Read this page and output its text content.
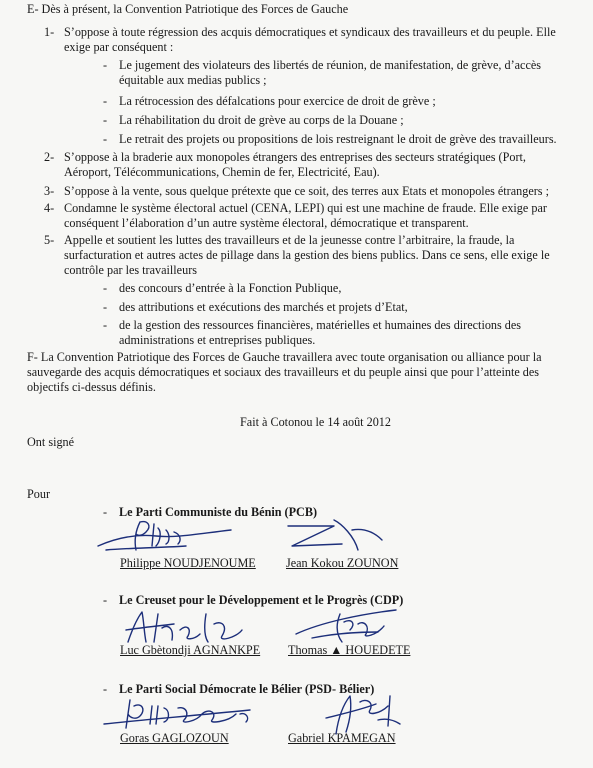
E- Dès à présent, la Convention Patriotique des Forces de Gauche
1- S’oppose à toute régression des acquis démocratiques et syndicaux des travailleurs et du peuple. Elle
exige par conséquent :
- Le jugement des violateurs des libertés de réunion, de manifestation, de grève, d’accès
équitable aux medias publics ;
- La rétrocession des défalcations pour exercice de droit de grève ;
- La réhabilitation du droit de grève au corps de la Douane ;
- Le retrait des projets ou propositions de lois restreignant le droit de grève des travailleurs.
2- S’oppose à la braderie aux monopoles étrangers des entreprises des secteurs stratégiques (Port,
Aéroport, Télécommunications, Chemin de fer, Electricité, Eau).
3- S’oppose à la vente, sous quelque prétexte que ce soit, des terres aux Etats et monopoles étrangers ;
4- Condamne le système électoral actuel (CENA, LEPI) qui est une machine de fraude. Elle exige par
conséquent l’élaboration d’un autre système électoral, démocratique et transparent.
5- Appelle et soutient les luttes des travailleurs et de la jeunesse contre l’arbitraire, la fraude, la
surfacturation et autres actes de pillage dans la gestion des biens publics. Dans ce sens, elle exige le
contrôle par les travailleurs
- des concours d’entrée à la Fonction Publique,
- des attributions et exécutions des marchés et projets d’Etat,
- de la gestion des ressources financières, matérielles et humaines des directions des
administrations et entreprises publiques.
F- La Convention Patriotique des Forces de Gauche travaillera avec toute organisation ou alliance pour la
sauvegarde des acquis démocratiques et sociaux des travailleurs et du peuple ainsi que pour l’atteinte des
objectifs ci-dessus définis.
Fait à Cotonou le 14 août 2012
Ont signé
Pour
- Le Parti Communiste du Bénin (PCB)
Philippe NOUDJENOUME Jean Kokou ZOUNON
- Le Creuset pour le Développement et le Progrès (CDP)
Luc Gbètondji AGNANKPE Thomas ▲ HOUEDETE
- Le Parti Social Démocrate le Bélier (PSD- Bélier)
Goras GAGLOZOUN	Gabriel KPAMEGAN
